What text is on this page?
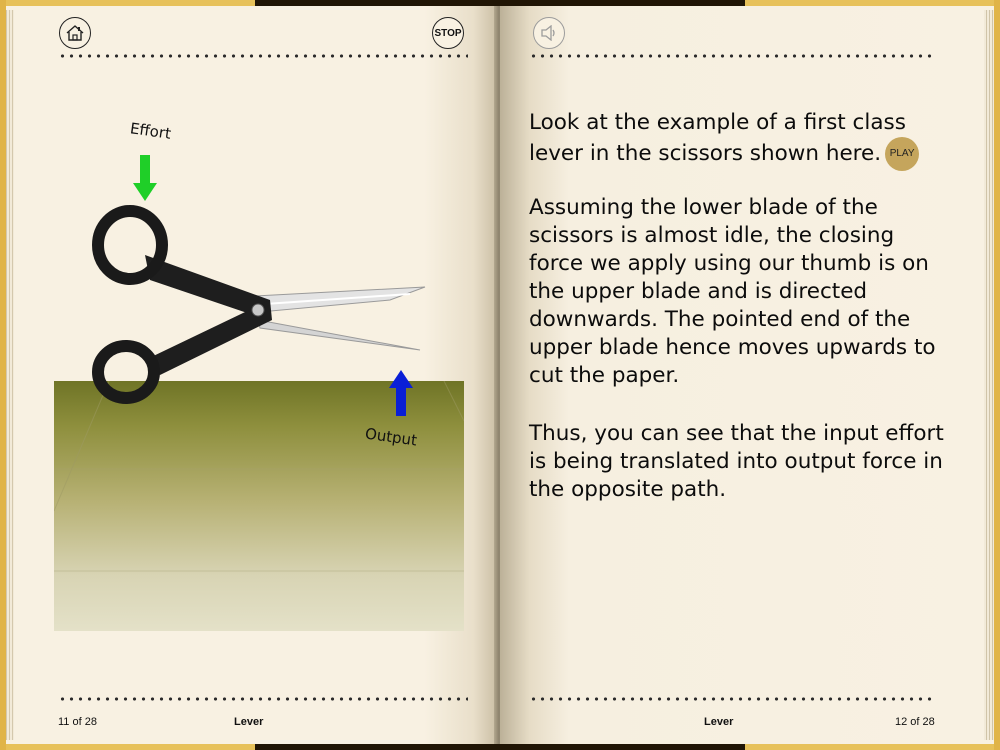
STOP
Effort
Output
11 of 28	Lever

Look at the example of a first class lever in the scissors shown here. PLAY

Assuming the lower blade of the scissors is almost idle, the closing force we apply using our thumb is on the upper blade and is directed downwards. The pointed end of the upper blade hence moves upwards to cut the paper.

Thus, you can see that the input effort is being translated into output force in the opposite path.

Lever	12 of 28
